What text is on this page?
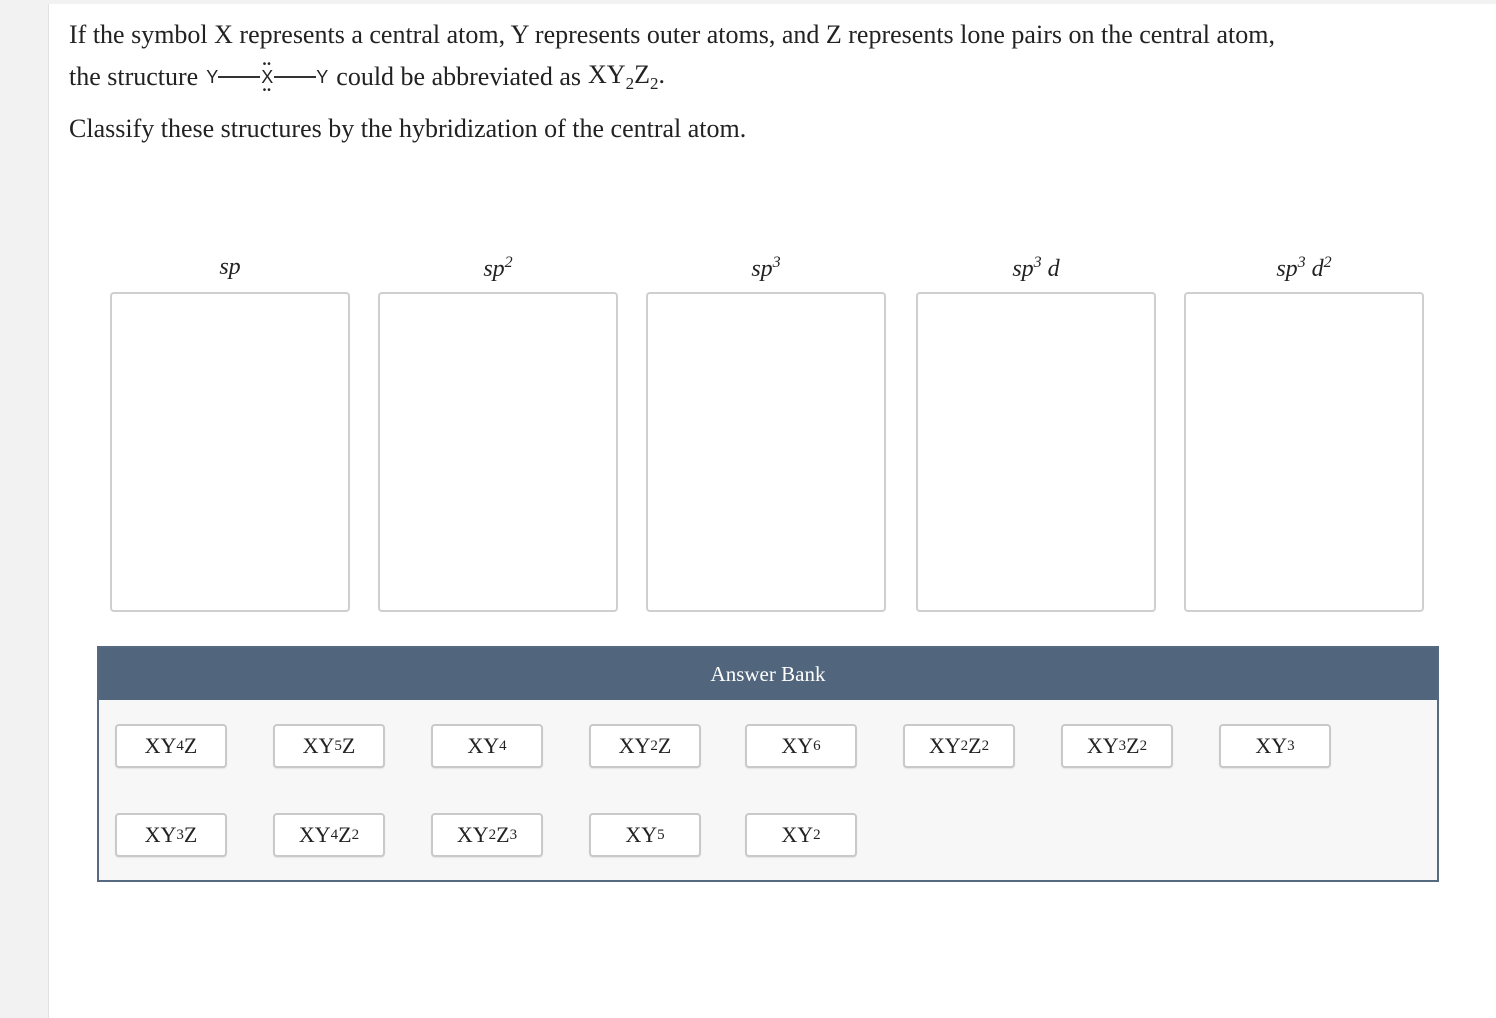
If the symbol X represents a central atom, Y represents outer atoms, and Z represents lone pairs on the central atom,
the structure Y
••
X
••
Y could be abbreviated as $XY_2Z_2$.
Classify these structures by the hybridization of the central atom.
sp	$sp^2$	$sp^3$	$sp^3$ d	$sp^3$ $d^2$
Answer Bank
XY 4 Z	XY 5 Z	XY 4	XY 2 Z	XY 6	XY 2 Z 2	XY 3 Z 2	XY 3
XY 3 Z	XY 4 Z 2	XY 2 Z 3	XY 5	XY 2
